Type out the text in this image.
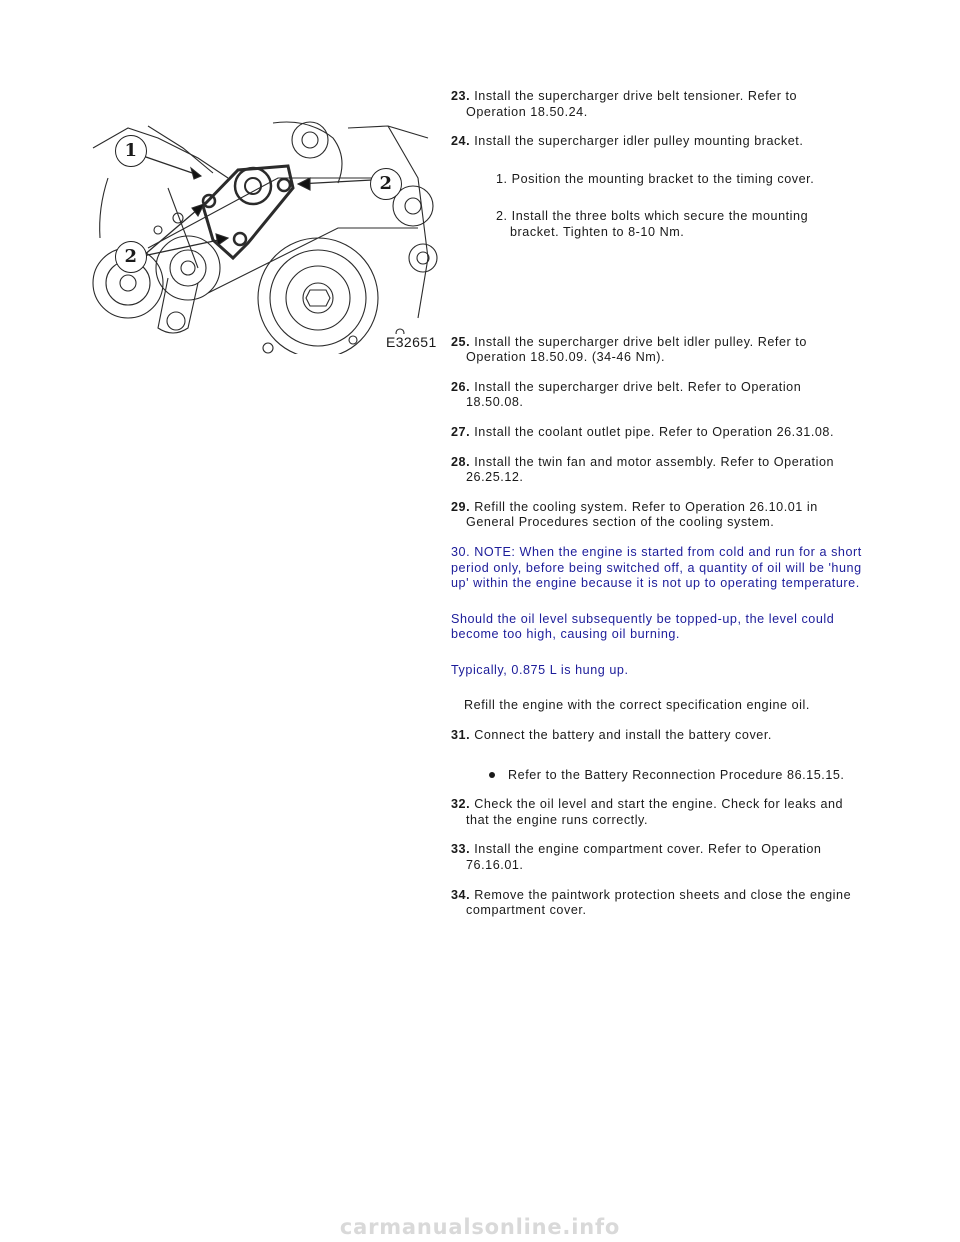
1
2
2
E32651
23. Install the supercharger drive belt tensioner. Refer to
Operation 18.50.24.
24. Install the supercharger idler pulley mounting bracket.
1. Position the mounting bracket to the timing cover.
2. Install the three bolts which secure the mounting
bracket. Tighten to 8-10 Nm.
25. Install the supercharger drive belt idler pulley. Refer to
Operation 18.50.09. (34-46 Nm).
26. Install the supercharger drive belt. Refer to Operation
18.50.08.
27. Install the coolant outlet pipe. Refer to Operation 26.31.08.
28. Install the twin fan and motor assembly. Refer to Operation
26.25.12.
29. Refill the cooling system. Refer to Operation 26.10.01 in
General Procedures section of the cooling system.
30. NOTE: When the engine is started from cold and run for a short period only, before being switched off, a quantity of oil will be 'hung up' within the engine because it is not up to operating temperature.
Should the oil level subsequently be topped-up, the level could become too high, causing oil burning.
Typically, 0.875 L is hung up.
Refill the engine with the correct specification engine oil.
31. Connect the battery and install the battery cover.
Refer to the Battery Reconnection Procedure 86.15.15.
32. Check the oil level and start the engine. Check for leaks and
that the engine runs correctly.
33. Install the engine compartment cover. Refer to Operation
76.16.01.
34. Remove the paintwork protection sheets and close the engine
compartment cover.
carmanualsonline.info
